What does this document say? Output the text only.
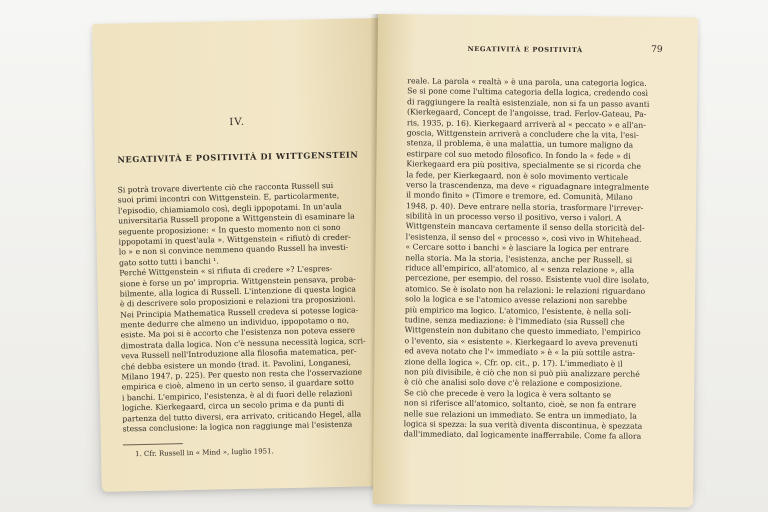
IV.
NEGATIVITÀ E POSITIVITÀ DI WITTGENSTEIN
Si potrà trovare divertente ciò che racconta Russell sui
suoi primi incontri con Wittgenstein. E, particolarmente,
l'episodio, chiamiamolo così, degli ippopotami. In un'aula
universitaria Russell propone a Wittgenstein di esaminare la
seguente proposizione: « In questo momento non ci sono
ippopotami in quest'aula ». Wittgenstein « rifiutò di creder-
lo » e non si convince nemmeno quando Russell ha investi-
gato sotto tutti i banchi ¹.
Perché Wittgenstein « si rifiuta di credere »? L'espres-
sione è forse un po' impropria. Wittgenstein pensava, proba-
bilmente, alla logica di Russell. L'intenzione di questa logica
è di descrivere solo proposizioni e relazioni tra proposizioni.
Nei Principia Mathematica Russell credeva si potesse logica-
mente dedurre che almeno un individuo, ippopotamo o no,
esiste. Ma poi si è accorto che l'esistenza non poteva essere
dimostrata dalla logica. Non c'è nessuna necessità logica, scri-
veva Russell nell'Introduzione alla filosofia matematica, per-
ché debba esistere un mondo (trad. it. Pavolini, Longanesi,
Milano 1947, p. 225). Per questo non resta che l'osservazione
empirica e cioè, almeno in un certo senso, il guardare sotto
i banchi. L'empirico, l'esistenza, è al di fuori delle relazioni
logiche. Kierkegaard, circa un secolo prima e da punti di
partenza del tutto diversi, era arrivato, criticando Hegel, alla
stessa conclusione: la logica non raggiunge mai l'esistenza
1. Cfr. Russell in « Mind », luglio 1951.
NEGATIVITÀ E POSITIVITÀ	79
reale. La parola « realtà » è una parola, una categoria logica.
Se si pone come l'ultima categoria della logica, credendo così
di raggiungere la realtà esistenziale, non si fa un passo avanti
(Kierkegaard, Concept de l'angoisse, trad. Ferlov-Gateau, Pa-
ris, 1935, p. 16). Kierkegaard arriverà al « peccato » e all'an-
goscia, Wittgenstein arriverà a concludere che la vita, l'esi-
stenza, il problema, è una malattia, un tumore maligno da
estirpare col suo metodo filosofico. In fondo la « fede » di
Kierkegaard era più positiva, specialmente se si ricorda che
la fede, per Kierkegaard, non è solo movimento verticale
verso la trascendenza, ma deve « riguadagnare integralmente
il mondo finito » (Timore e tremore, ed. Comunità, Milano
1948, p. 40). Deve entrare nella storia, trasformare l'irrever-
sibilità in un processo verso il positivo, verso i valori. A
Wittgenstein mancava certamente il senso della storicità del-
l'esistenza, il senso del « processo », così vivo in Whitehead.
« Cercare sotto i banchi » è lasciare la logica per entrare
nella storia. Ma la storia, l'esistenza, anche per Russell, si
riduce all'empirico, all'atomico, al « senza relazione », alla
percezione, per esempio, del rosso. Esistente vuol dire isolato,
atomico. Se è isolato non ha relazioni: le relazioni riguardano
solo la logica e se l'atomico avesse relazioni non sarebbe
più empirico ma logico. L'atomico, l'esistente, è nella soli-
tudine, senza mediazione: è l'immediato (sia Russell che
Wittgenstein non dubitano che questo immediato, l'empirico
o l'evento, sia « esistente ». Kierkegaard lo aveva prevenuti
ed aveva notato che l'« immediato » è « la più sottile astra-
zione della logica ». Cfr. op. cit., p. 17). L'immediato è il
non più divisibile, è ciò che non si può più analizzare perché
è ciò che analisi solo dove c'è relazione e composizione.
Se ciò che precede è vero la logica è vera soltanto se
non si riferisce all'atomico, soltanto, cioè, se non fa entrare
nelle sue relazioni un immediato. Se entra un immediato, la
logica si spezza: la sua verità diventa discontinua, è spezzata
dall'immediato, dal logicamente inafferrabile. Come fa allora
